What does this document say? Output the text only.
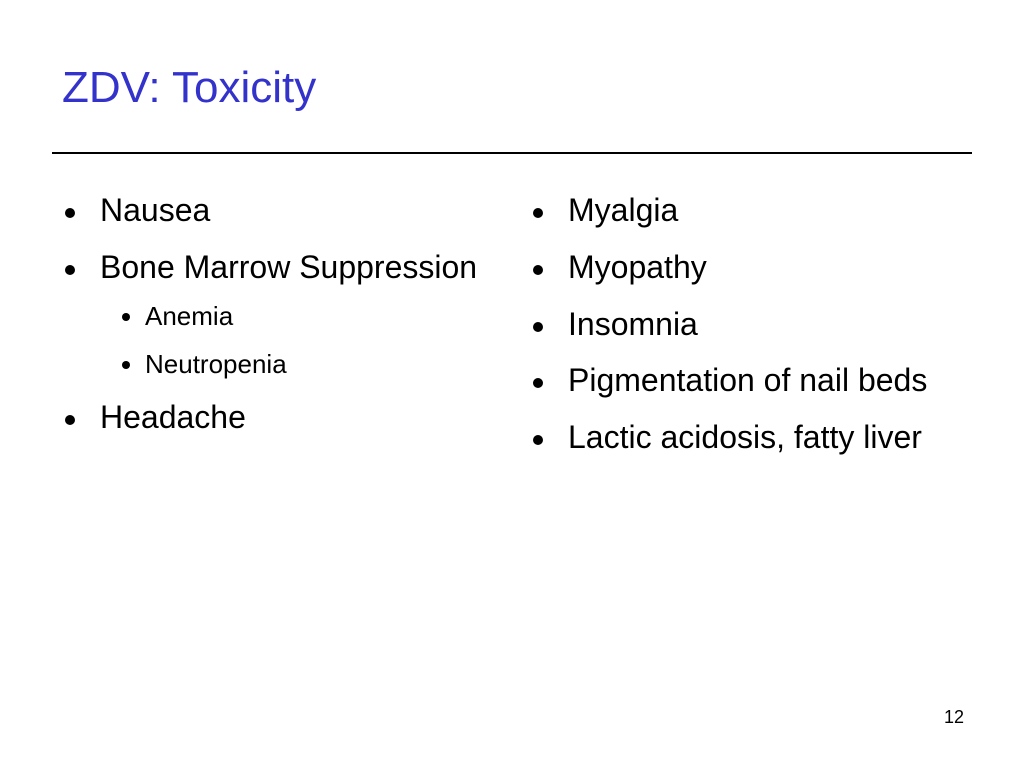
ZDV: Toxicity
Nausea
Bone Marrow Suppression
Anemia
Neutropenia
Headache
Myalgia
Myopathy
Insomnia
Pigmentation of nail beds
Lactic acidosis, fatty liver
12
